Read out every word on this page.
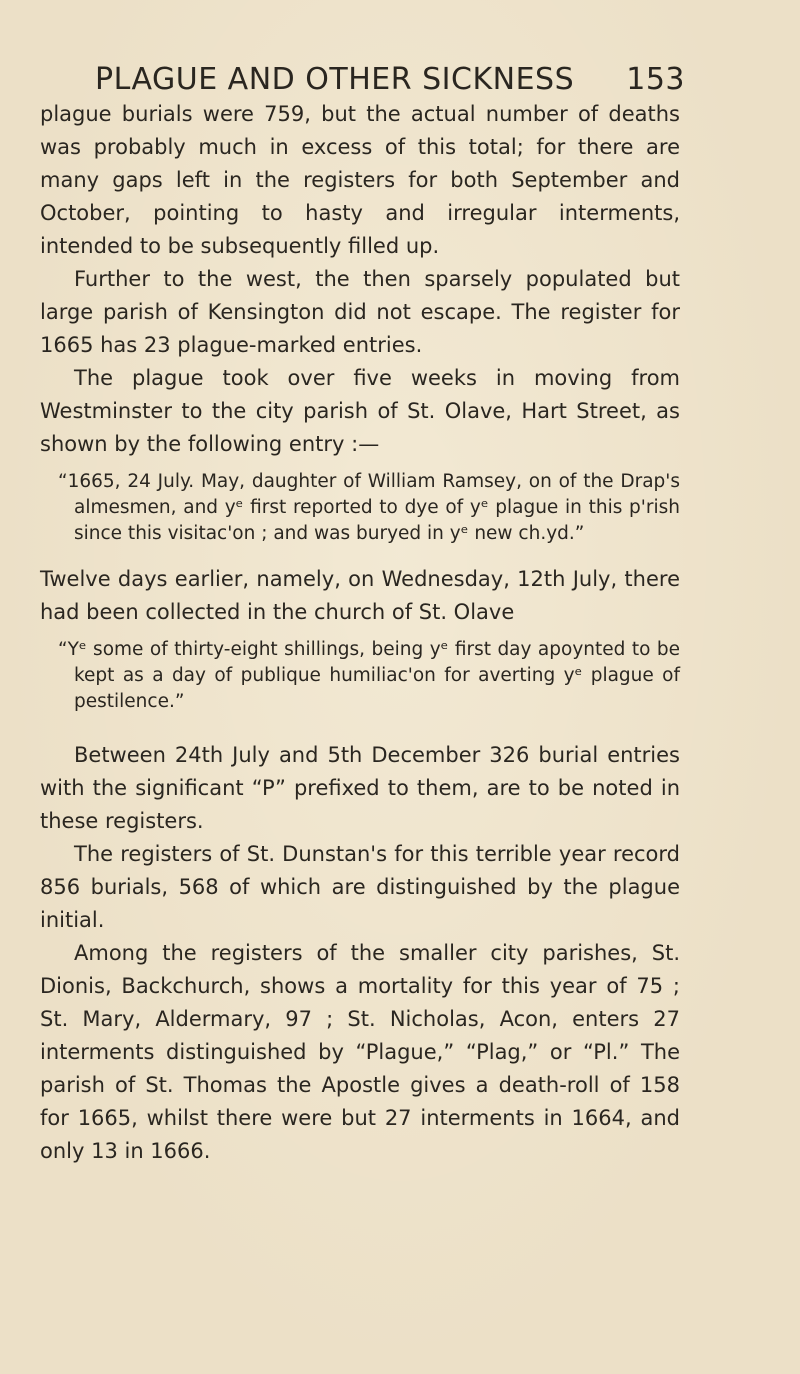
PLAGUE AND OTHER SICKNESS 153

plague burials were 759, but the actual number of deaths was probably much in excess of this total; for there are many gaps left in the registers for both September and October, pointing to hasty and irregular interments, intended to be subsequently filled up.

Further to the west, the then sparsely populated but large parish of Kensington did not escape. The register for 1665 has 23 plague-marked entries.

The plague took over five weeks in moving from Westminster to the city parish of St. Olave, Hart Street, as shown by the following entry :—

“1665, 24 July. May, daughter of William Ramsey, on of the Drap's almesmen, and yᵉ first reported to dye of yᵉ plague in this p'rish since this visitac'on ; and was buryed in yᵉ new ch.yd.”

Twelve days earlier, namely, on Wednesday, 12th July, there had been collected in the church of St. Olave

“Yᵉ some of thirty-eight shillings, being yᵉ first day apoynted to be kept as a day of publique humiliac'on for averting yᵉ plague of pestilence.”

Between 24th July and 5th December 326 burial entries with the significant “P” prefixed to them, are to be noted in these registers.

The registers of St. Dunstan's for this terrible year record 856 burials, 568 of which are distinguished by the plague initial.

Among the registers of the smaller city parishes, St. Dionis, Backchurch, shows a mortality for this year of 75 ; St. Mary, Aldermary, 97 ; St. Nicholas, Acon, enters 27 interments distinguished by “Plague,” “Plag,” or “Pl.” The parish of St. Thomas the Apostle gives a death-roll of 158 for 1665, whilst there were but 27 interments in 1664, and only 13 in 1666.
